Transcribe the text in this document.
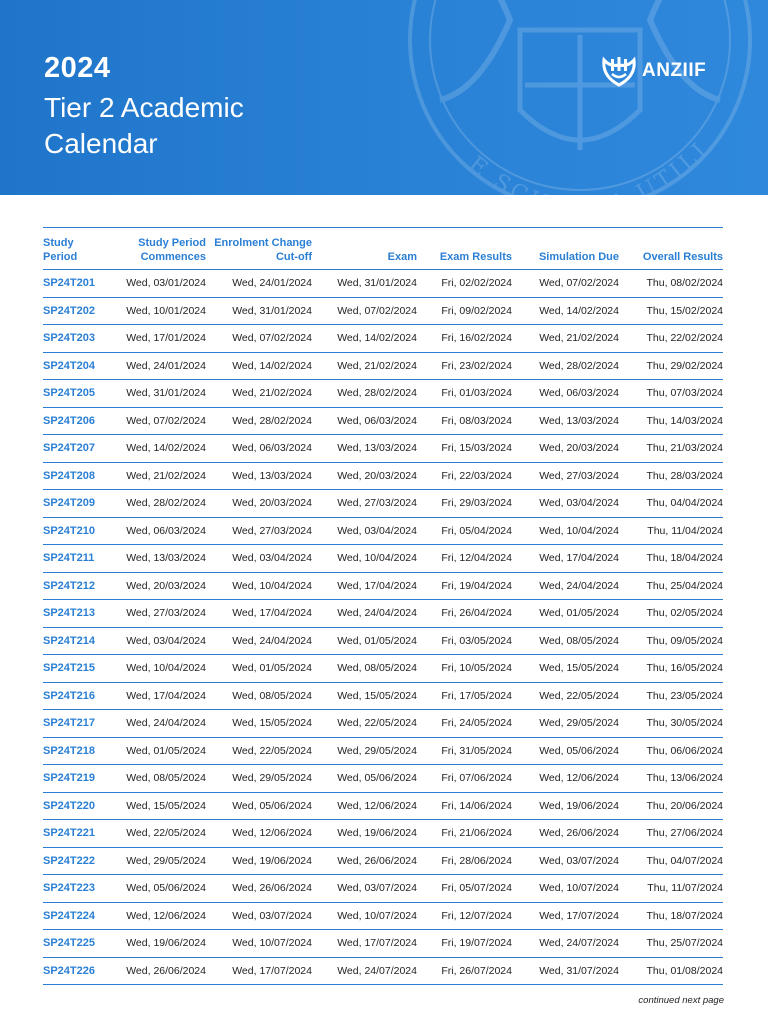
E SCIENTIA UTILI
2024
Tier 2 Academic Calendar
ANZIIF
Study Period	Study Period Commences	Enrolment Change Cut-off	Exam	Exam Results	Simulation Due	Overall Results
SP24T201	Wed, 03/01/2024	Wed, 24/01/2024	Wed, 31/01/2024	Fri, 02/02/2024	Wed, 07/02/2024	Thu, 08/02/2024
SP24T202	Wed, 10/01/2024	Wed, 31/01/2024	Wed, 07/02/2024	Fri, 09/02/2024	Wed, 14/02/2024	Thu, 15/02/2024
SP24T203	Wed, 17/01/2024	Wed, 07/02/2024	Wed, 14/02/2024	Fri, 16/02/2024	Wed, 21/02/2024	Thu, 22/02/2024
SP24T204	Wed, 24/01/2024	Wed, 14/02/2024	Wed, 21/02/2024	Fri, 23/02/2024	Wed, 28/02/2024	Thu, 29/02/2024
SP24T205	Wed, 31/01/2024	Wed, 21/02/2024	Wed, 28/02/2024	Fri, 01/03/2024	Wed, 06/03/2024	Thu, 07/03/2024
SP24T206	Wed, 07/02/2024	Wed, 28/02/2024	Wed, 06/03/2024	Fri, 08/03/2024	Wed, 13/03/2024	Thu, 14/03/2024
SP24T207	Wed, 14/02/2024	Wed, 06/03/2024	Wed, 13/03/2024	Fri, 15/03/2024	Wed, 20/03/2024	Thu, 21/03/2024
SP24T208	Wed, 21/02/2024	Wed, 13/03/2024	Wed, 20/03/2024	Fri, 22/03/2024	Wed, 27/03/2024	Thu, 28/03/2024
SP24T209	Wed, 28/02/2024	Wed, 20/03/2024	Wed, 27/03/2024	Fri, 29/03/2024	Wed, 03/04/2024	Thu, 04/04/2024
SP24T210	Wed, 06/03/2024	Wed, 27/03/2024	Wed, 03/04/2024	Fri, 05/04/2024	Wed, 10/04/2024	Thu, 11/04/2024
SP24T211	Wed, 13/03/2024	Wed, 03/04/2024	Wed, 10/04/2024	Fri, 12/04/2024	Wed, 17/04/2024	Thu, 18/04/2024
SP24T212	Wed, 20/03/2024	Wed, 10/04/2024	Wed, 17/04/2024	Fri, 19/04/2024	Wed, 24/04/2024	Thu, 25/04/2024
SP24T213	Wed, 27/03/2024	Wed, 17/04/2024	Wed, 24/04/2024	Fri, 26/04/2024	Wed, 01/05/2024	Thu, 02/05/2024
SP24T214	Wed, 03/04/2024	Wed, 24/04/2024	Wed, 01/05/2024	Fri, 03/05/2024	Wed, 08/05/2024	Thu, 09/05/2024
SP24T215	Wed, 10/04/2024	Wed, 01/05/2024	Wed, 08/05/2024	Fri, 10/05/2024	Wed, 15/05/2024	Thu, 16/05/2024
SP24T216	Wed, 17/04/2024	Wed, 08/05/2024	Wed, 15/05/2024	Fri, 17/05/2024	Wed, 22/05/2024	Thu, 23/05/2024
SP24T217	Wed, 24/04/2024	Wed, 15/05/2024	Wed, 22/05/2024	Fri, 24/05/2024	Wed, 29/05/2024	Thu, 30/05/2024
SP24T218	Wed, 01/05/2024	Wed, 22/05/2024	Wed, 29/05/2024	Fri, 31/05/2024	Wed, 05/06/2024	Thu, 06/06/2024
SP24T219	Wed, 08/05/2024	Wed, 29/05/2024	Wed, 05/06/2024	Fri, 07/06/2024	Wed, 12/06/2024	Thu, 13/06/2024
SP24T220	Wed, 15/05/2024	Wed, 05/06/2024	Wed, 12/06/2024	Fri, 14/06/2024	Wed, 19/06/2024	Thu, 20/06/2024
SP24T221	Wed, 22/05/2024	Wed, 12/06/2024	Wed, 19/06/2024	Fri, 21/06/2024	Wed, 26/06/2024	Thu, 27/06/2024
SP24T222	Wed, 29/05/2024	Wed, 19/06/2024	Wed, 26/06/2024	Fri, 28/06/2024	Wed, 03/07/2024	Thu, 04/07/2024
SP24T223	Wed, 05/06/2024	Wed, 26/06/2024	Wed, 03/07/2024	Fri, 05/07/2024	Wed, 10/07/2024	Thu, 11/07/2024
SP24T224	Wed, 12/06/2024	Wed, 03/07/2024	Wed, 10/07/2024	Fri, 12/07/2024	Wed, 17/07/2024	Thu, 18/07/2024
SP24T225	Wed, 19/06/2024	Wed, 10/07/2024	Wed, 17/07/2024	Fri, 19/07/2024	Wed, 24/07/2024	Thu, 25/07/2024
SP24T226	Wed, 26/06/2024	Wed, 17/07/2024	Wed, 24/07/2024	Fri, 26/07/2024	Wed, 31/07/2024	Thu, 01/08/2024
continued next page
